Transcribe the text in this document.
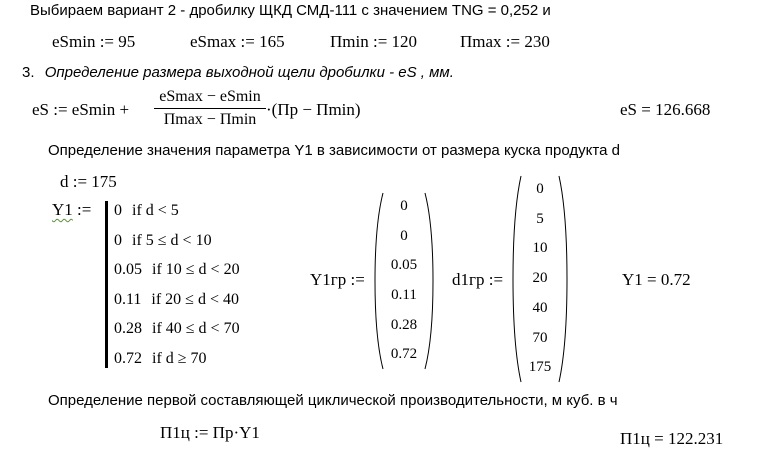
Выбираем вариант 2 - дробилку ЩКД СМД-111 с значением TNG = 0,252 и
eSmin := 95	eSmax := 165	Пmin := 120	Пmax := 230
3. Определение размера выходной щели дробилки - eS , мм.
eS := eSmin +
eSmax − eSmin
Пmax − Пmin
·(Пр − Пmin)	eS = 126.668
Определение значения параметра Y1 в зависимости от размера куска продукта d
d := 175
Y1 := 0 if d < 5
0 if 5 ≤ d < 10
0.05 if 10 ≤ d < 20
0.11 if 20 ≤ d < 40
0.28 if 40 ≤ d < 70
0.72 if d ≥ 70
Y1гр :=
0
0
0.05
0.11
0.28
0.72
d1гр :=
0
5
10
20
40
70
175
Y1 = 0.72
Определение первой составляющей циклической производительности, м куб. в ч
П1ц := Пр·Y1	П1ц = 122.231
